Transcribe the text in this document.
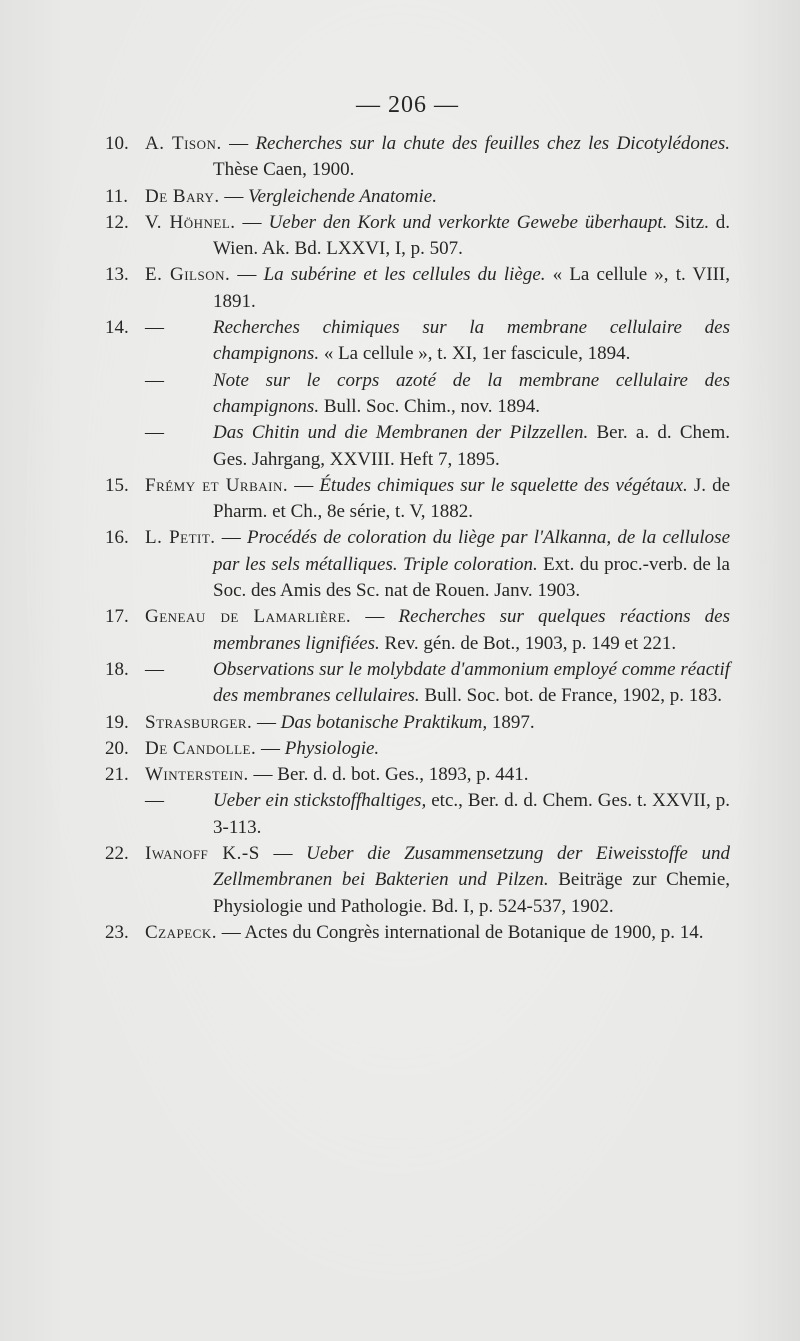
— 206 —
10. A. Tison. — Recherches sur la chute des feuilles chez les Dicotylédones. Thèse Caen, 1900.
11. De Bary. — Vergleichende Anatomie.
12. V. Höhnel. — Ueber den Kork und verkorkte Gewebe überhaupt. Sitz. d. Wien. Ak. Bd. LXXVI, I, p. 507.
13. E. Gilson. — La subérine et les cellules du liège. « La cellule », t. VIII, 1891.
14. —	Recherches chimiques sur la membrane cellulaire des champignons. « La cellule », t. XI, 1er fascicule, 1894.
—	Note sur le corps azoté de la membrane cellulaire des champignons. Bull. Soc. Chim., nov. 1894.
—	Das Chitin und die Membranen der Pilzzellen. Ber. a. d. Chem. Ges. Jahrgang, XXVIII. Heft 7, 1895.
15. Frémy et Urbain. — Études chimiques sur le squelette des végétaux. J. de Pharm. et Ch., 8e série, t. V, 1882.
16. L. Petit. — Procédés de coloration du liège par l'Alkanna, de la cellulose par les sels métalliques. Triple coloration. Ext. du proc.-verb. de la Soc. des Amis des Sc. nat de Rouen. Janv. 1903.
17. Geneau de Lamarlière. — Recherches sur quelques réactions des membranes lignifiées. Rev. gén. de Bot., 1903, p. 149 et 221.
18. —	Observations sur le molybdate d'ammonium employé comme réactif des membranes cellulaires. Bull. Soc. bot. de France, 1902, p. 183.
19. Strasburger. — Das botanische Praktikum, 1897.
20. De Candolle. — Physiologie.
21. Winterstein. — Ber. d. d. bot. Ges., 1893, p. 441.
—	Ueber ein stickstoffhaltiges, etc., Ber. d. d. Chem. Ges. t. XXVII, p. 3-113.
22. Iwanoff K.-S — Ueber die Zusammensetzung der Eiweisstoffe und Zellmembranen bei Bakterien und Pilzen. Beiträge zur Chemie, Physiologie und Pathologie. Bd. I, p. 524-537, 1902.
23. Czapeck. — Actes du Congrès international de Botanique de 1900, p. 14.
